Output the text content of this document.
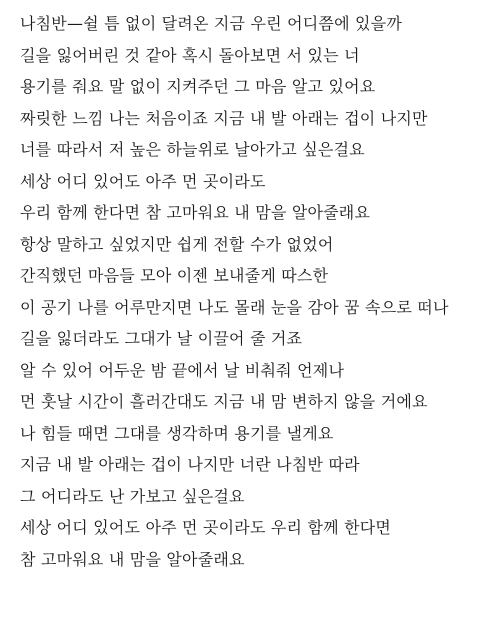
나침반—쉴 틈 없이 달려온 지금 우린 어디쯤에 있을까
길을 잃어버린 것 같아 혹시 돌아보면 서 있는 너
용기를 줘요 말 없이 지켜주던 그 마음 알고 있어요
짜릿한 느낌 나는 처음이죠 지금 내 발 아래는 겁이 나지만
너를 따라서 저 높은 하늘위로 날아가고 싶은걸요
세상 어디 있어도 아주 먼 곳이라도
우리 함께 한다면 참 고마워요 내 맘을 알아줄래요
항상 말하고 싶었지만 쉽게 전할 수가 없었어
간직했던 마음들 모아 이젠 보내줄게 따스한
이 공기 나를 어루만지면 나도 몰래 눈을 감아 꿈 속으로 떠나
길을 잃더라도 그대가 날 이끌어 줄 거죠
알 수 있어 어두운 밤 끝에서 날 비춰줘 언제나
먼 훗날 시간이 흘러간대도 지금 내 맘 변하지 않을 거에요
나 힘들 때면 그대를 생각하며 용기를 낼게요
지금 내 발 아래는 겁이 나지만 너란 나침반 따라
그 어디라도 난 가보고 싶은걸요
세상 어디 있어도 아주 먼 곳이라도 우리 함께 한다면
참 고마워요 내 맘을 알아줄래요
